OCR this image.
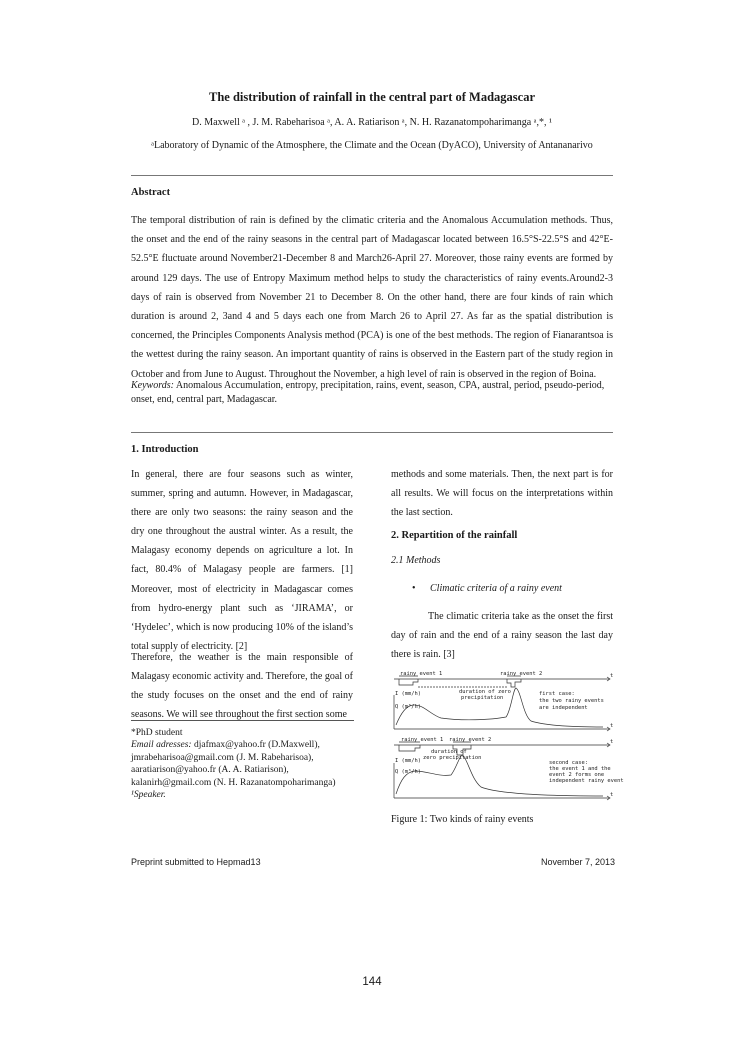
The distribution of rainfall in the central part of Madagascar
D. Maxwell ᵃ , J. M. Rabeharisoa ᵃ, A. A. Ratiarison ᵃ, N. H. Razanatompoharimanga ᵃ,*, ¹
ᵃLaboratory of Dynamic of the Atmosphere, the Climate and the Ocean (DyACO), University of Antananarivo
Abstract
The temporal distribution of rain is defined by the climatic criteria and the Anomalous Accumulation methods. Thus, the onset and the end of the rainy seasons in the central part of Madagascar located between 16.5°S-22.5°S and 42°E-52.5°E fluctuate around November21-December 8 and March26-April 27. Moreover, those rainy events are formed by around 129 days. The use of Entropy Maximum method helps to study the characteristics of rainy events.Around2-3 days of rain is observed from November 21 to December 8. On the other hand, there are four kinds of rain which duration is around 2, 3and 4 and 5 days each one from March 26 to April 27. As far as the spatial distribution is concerned, the Principles Components Analysis method (PCA) is one of the best methods. The region of Fianarantsoa is the wettest during the rainy season. An important quantity of rains is observed in the Eastern part of the study region in October and from June to August. Throughout the November, a high level of rain is observed in the region of Boina.
Keywords: Anomalous Accumulation, entropy, precipitation, rains, event, season, CPA, austral, period, pseudo-period, onset, end, central part, Madagascar.
1. Introduction
In general, there are four seasons such as winter, summer, spring and autumn. However, in Madagascar, there are only two seasons: the rainy season and the dry one throughout the austral winter. As a result, the Malagasy economy depends on agriculture a lot. In fact, 80.4% of Malagasy people are farmers. [1] Moreover, most of electricity in Madagascar comes from hydro-energy plant such as ‘JIRAMA’, or ‘Hydelec’, which is now producing 10% of the island’s total supply of electricity. [2]
Therefore, the weather is the main responsible of Malagasy economic activity and. Therefore, the goal of the study focuses on the onset and the end of rainy seasons. We will see throughout the first section some
*PhD student
Email adresses: djafmax@yahoo.fr (D.Maxwell),
jmrabeharisoa@gmail.com (J. M. Rabeharisoa),
aaratiarison@yahoo.fr (A. A. Ratiarison),
kalanirh@gmail.com (N. H. Razanatompoharimanga)
¹Speaker.
methods and some materials. Then, the next part is for all results. We will focus on the interpretations within the last section.
2. Repartition of the rainfall
2.1 Methods
• Climatic criteria of a rainy event
The climatic criteria take as the onset the first day of rain and the end of a rainy season the last day there is rain. [3]
rainy event 1	rainy event 2
duration of zero
precipitation
I (mm/h)
Q (m³/h)
t
t
first case:
the two rainy events
are independent
rainy event 1 rainy event 2
duration of
zero precipitation
I (mm/h)
Q (m³/h)
t
t
second case:
the event 1 and the
event 2 forms one
independent rainy event
Figure 1: Two kinds of rainy events
Preprint submitted to Hepmad13	November 7, 2013
144
